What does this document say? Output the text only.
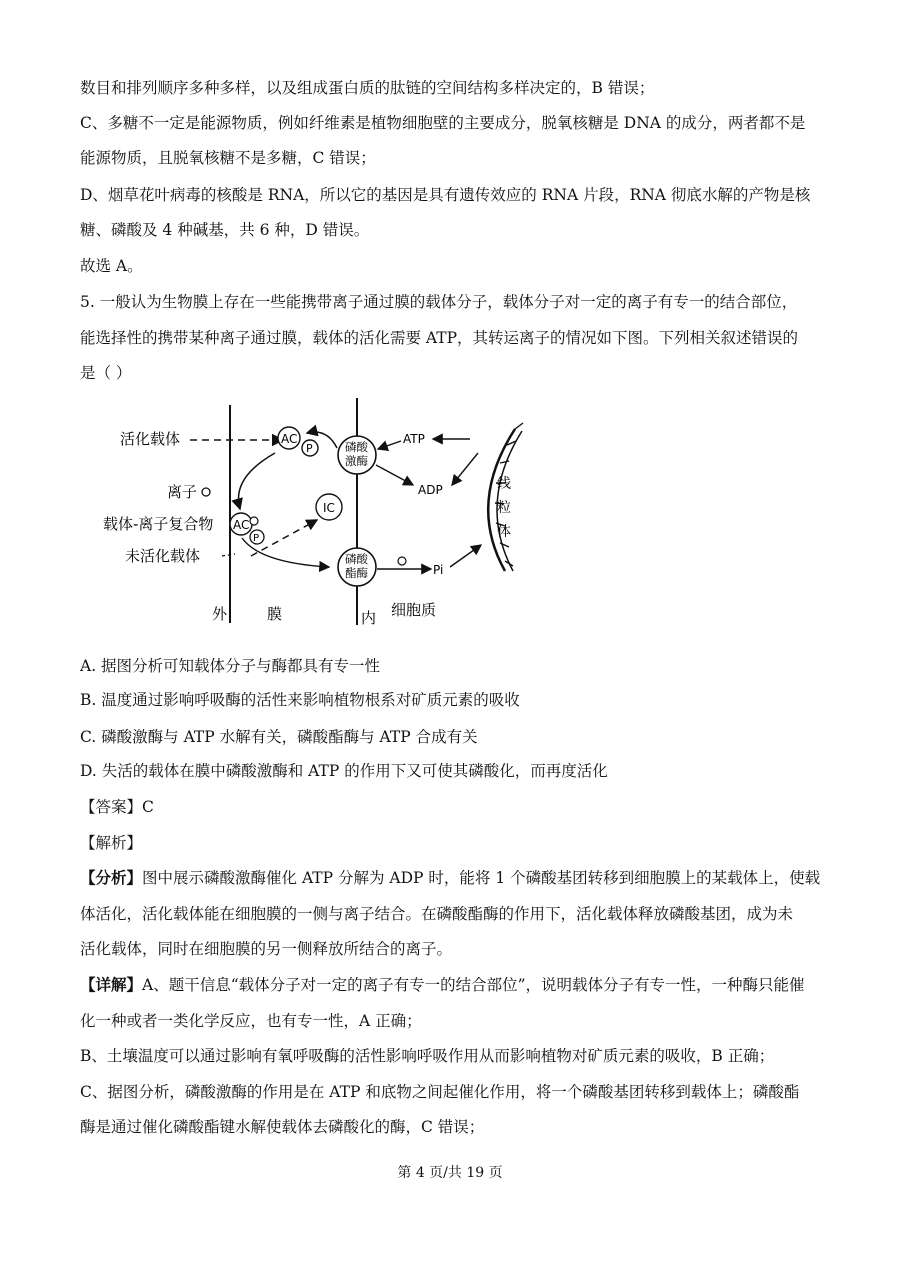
数目和排列顺序多种多样，以及组成蛋白质的肽链的空间结构多样决定的，B 错误；
C、多糖不一定是能源物质，例如纤维素是植物细胞壁的主要成分，脱氧核糖是 DNA 的成分，两者都不是
能源物质，且脱氧核糖不是多糖，C 错误；
D、烟草花叶病毒的核酸是 RNA，所以它的基因是具有遗传效应的 RNA 片段，RNA 彻底水解的产物是核
糖、磷酸及 4 种碱基，共 6 种，D 错误。
故选 A。
5. 一般认为生物膜上存在一些能携带离子通过膜的载体分子，载体分子对一定的离子有专一的结合部位，
能选择性的携带某种离子通过膜，载体的活化需要 ATP，其转运离子的情况如下图。下列相关叙述错误的
是（ ）
活化载体
离子
载体-离子复合物
未活化载体
AC
P	磷酸
激酶
ATP
ADP	线
粒
体
AC
P
IC
磷酸
酯酶	Pi
外	膜	内 细胞质
A. 据图分析可知载体分子与酶都具有专一性
B. 温度通过影响呼吸酶的活性来影响植物根系对矿质元素的吸收
C. 磷酸激酶与 ATP 水解有关，磷酸酯酶与 ATP 合成有关
D. 失活的载体在膜中磷酸激酶和 ATP 的作用下又可使其磷酸化，而再度活化
【答案】C
【解析】
【分析】图中展示磷酸激酶催化 ATP 分解为 ADP 时，能将 1 个磷酸基团转移到细胞膜上的某载体上，使载
体活化，活化载体能在细胞膜的一侧与离子结合。在磷酸酯酶的作用下，活化载体释放磷酸基团，成为未
活化载体，同时在细胞膜的另一侧释放所结合的离子。
【详解】A、题干信息“载体分子对一定的离子有专一的结合部位”，说明载体分子有专一性，一种酶只能催
化一种或者一类化学反应，也有专一性，A 正确；
B、土壤温度可以通过影响有氧呼吸酶的活性影响呼吸作用从而影响植物对矿质元素的吸收，B 正确；
C、据图分析，磷酸激酶的作用是在 ATP 和底物之间起催化作用，将一个磷酸基团转移到载体上；磷酸酯
酶是通过催化磷酸酯键水解使载体去磷酸化的酶，C 错误；
第 4 页/共 19 页
